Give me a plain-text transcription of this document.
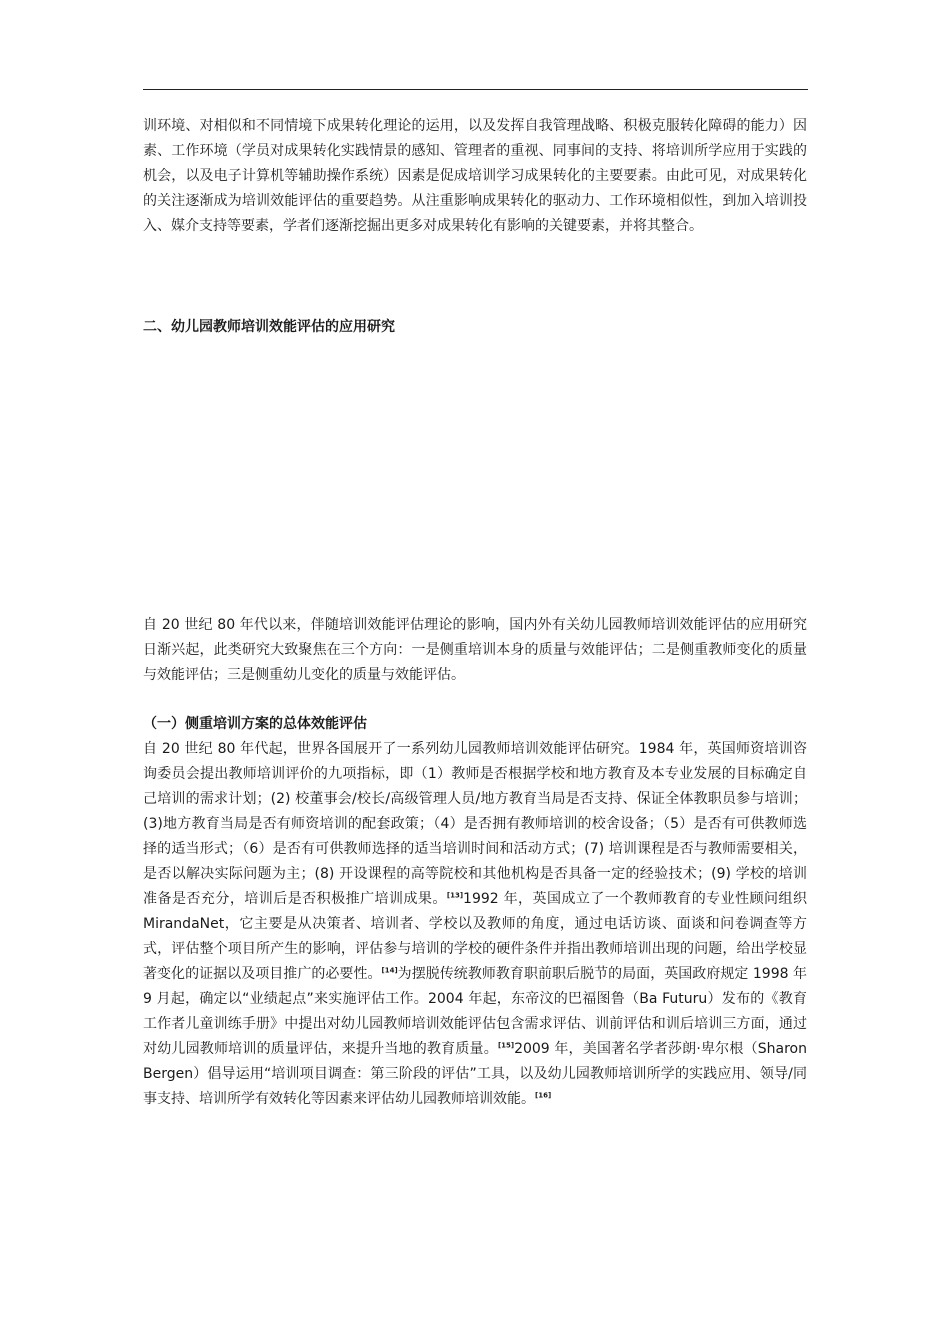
训环境、对相似和不同情境下成果转化理论的运用，以及发挥自我管理战略、积极克服转化障碍的能力）因素、工作环境（学员对成果转化实践情景的感知、管理者的重视、同事间的支持、将培训所学应用于实践的机会，以及电子计算机等辅助操作系统）因素是促成培训学习成果转化的主要要素。由此可见，对成果转化的关注逐渐成为培训效能评估的重要趋势。从注重影响成果转化的驱动力、工作环境相似性，到加入培训投入、媒介支持等要素，学者们逐渐挖掘出更多对成果转化有影响的关键要素，并将其整合。

二、幼儿园教师培训效能评估的应用研究

自 20 世纪 80 年代以来，伴随培训效能评估理论的影响，国内外有关幼儿园教师培训效能评估的应用研究日渐兴起，此类研究大致聚焦在三个方向：一是侧重培训本身的质量与效能评估；二是侧重教师变化的质量与效能评估；三是侧重幼儿变化的质量与效能评估。

（一）侧重培训方案的总体效能评估

自 20 世纪 80 年代起，世界各国展开了一系列幼儿园教师培训效能评估研究。1984 年，英国师资培训咨询委员会提出教师培训评价的九项指标，即（1）教师是否根据学校和地方教育及本专业发展的目标确定自己培训的需求计划；(2) 校董事会/校长/高级管理人员/地方教育当局是否支持、保证全体教职员参与培训；(3)地方教育当局是否有师资培训的配套政策；（4）是否拥有教师培训的校舍设备；（5）是否有可供教师选择的适当形式；（6）是否有可供教师选择的适当培训时间和活动方式；(7) 培训课程是否与教师需要相关，是否以解决实际问题为主；(8) 开设课程的高等院校和其他机构是否具备一定的经验技术；(9) 学校的培训准备是否充分，培训后是否积极推广培训成果。[13]1992 年，英国成立了一个教师教育的专业性顾问组织 MirandaNet，它主要是从决策者、培训者、学校以及教师的角度，通过电话访谈、面谈和问卷调查等方式，评估整个项目所产生的影响，评估参与培训的学校的硬件条件并指出教师培训出现的问题，给出学校显著变化的证据以及项目推广的必要性。[14]为摆脱传统教师教育职前职后脱节的局面，英国政府规定 1998 年 9 月起，确定以“业绩起点”来实施评估工作。2004 年起，东帝汶的巴福图鲁（Ba Futuru）发布的《教育工作者儿童训练手册》中提出对幼儿园教师培训效能评估包含需求评估、训前评估和训后培训三方面，通过对幼儿园教师培训的质量评估，来提升当地的教育质量。[15]2009 年，美国著名学者莎朗·卑尔根（Sharon Bergen）倡导运用“培训项目调查：第三阶段的评估”工具，以及幼儿园教师培训所学的实践应用、领导/同事支持、培训所学有效转化等因素来评估幼儿园教师培训效能。[16]
